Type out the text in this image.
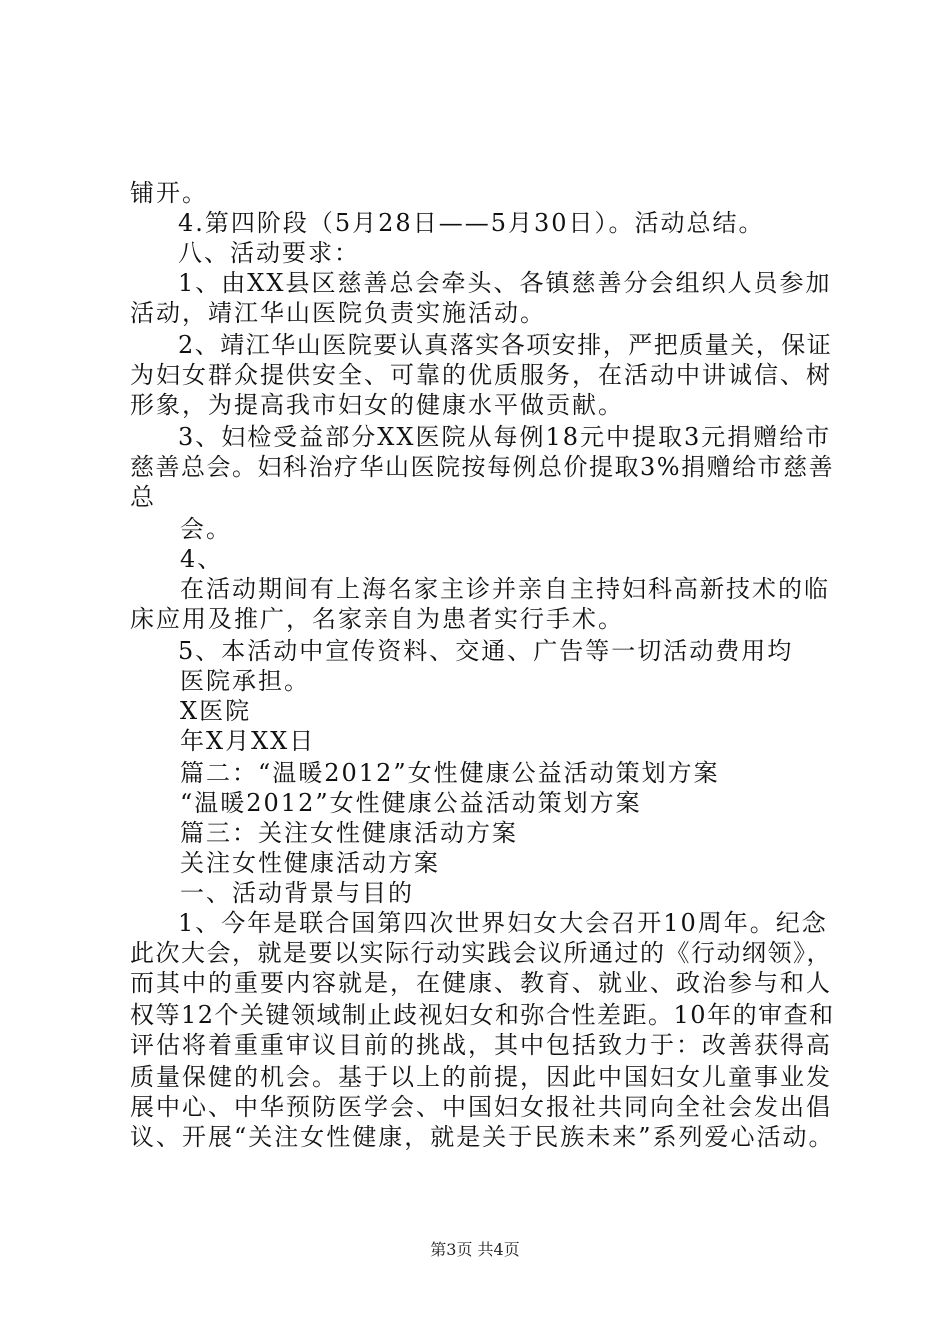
铺开。
4.第四阶段（5月28日——5月30日）。活动总结。
八、活动要求：
1、由XX县区慈善总会牵头、各镇慈善分会组织人员参加
活动，靖江华山医院负责实施活动。
2、靖江华山医院要认真落实各项安排，严把质量关，保证
为妇女群众提供安全、可靠的优质服务，在活动中讲诚信、树
形象，为提高我市妇女的健康水平做贡献。
3、妇检受益部分XX医院从每例18元中提取3元捐赠给市
慈善总会。妇科治疗华山医院按每例总价提取3%捐赠给市慈善
总
会。
4、
在活动期间有上海名家主诊并亲自主持妇科高新技术的临
床应用及推广，名家亲自为患者实行手术。
5、本活动中宣传资料、交通、广告等一切活动费用均
医院承担。
X医院
年X月XX日
篇二：“温暖2012”女性健康公益活动策划方案
“温暖2012”女性健康公益活动策划方案
篇三：关注女性健康活动方案
关注女性健康活动方案
一、活动背景与目的
1、今年是联合国第四次世界妇女大会召开10周年。纪念
此次大会，就是要以实际行动实践会议所通过的《行动纲领》，
而其中的重要内容就是，在健康、教育、就业、政治参与和人
权等12个关键领域制止歧视妇女和弥合性差距。10年的审查和
评估将着重重审议目前的挑战，其中包括致力于：改善获得高
质量保健的机会。基于以上的前提，因此中国妇女儿童事业发
展中心、中华预防医学会、中国妇女报社共同向全社会发出倡
议、开展“关注女性健康，就是关于民族未来”系列爱心活动。
第3页 共4页
